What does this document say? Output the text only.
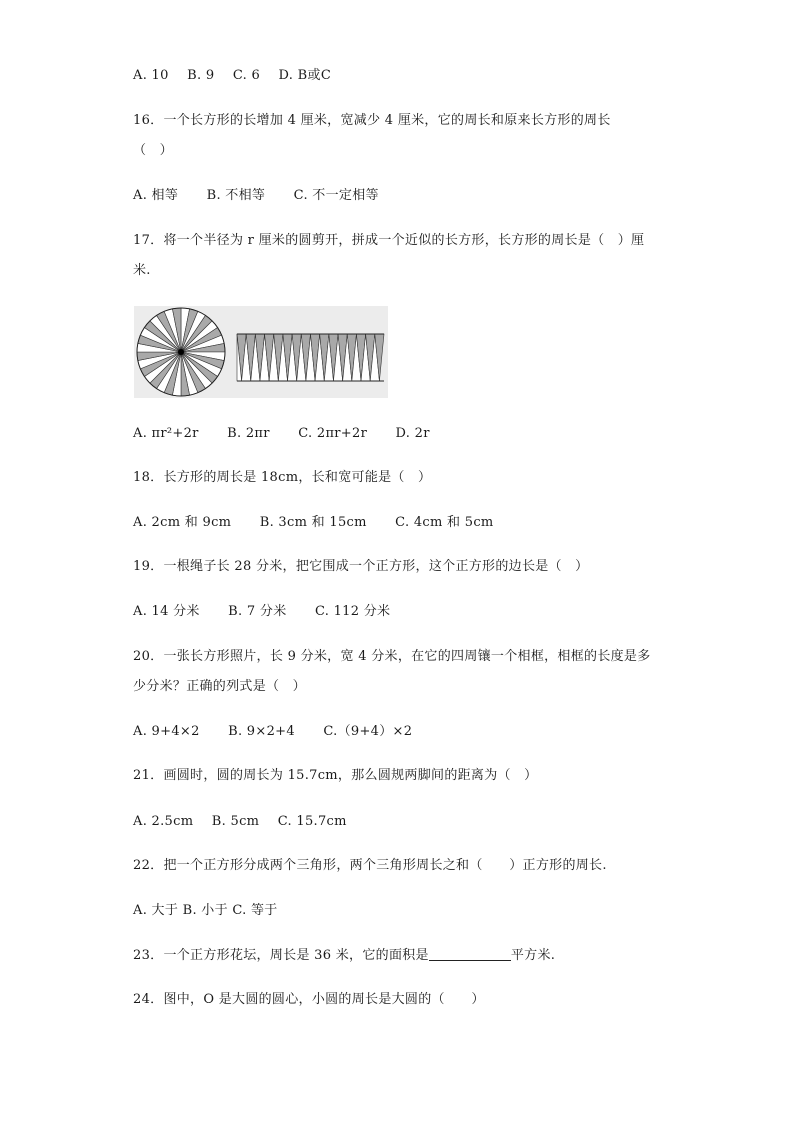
A. 10 B. 9 C. 6 D. B或C
16．一个长方形的长增加 4 厘米，宽减少 4 厘米，它的周长和原来长方形的周长
（　）
A. 相等 B. 不相等 C. 不一定相等
17．将一个半径为 r 厘米的圆剪开，拼成一个近似的长方形，长方形的周长是（　）厘
米.
A. πr²+2r B. 2πr C. 2πr+2r D. 2r
18．长方形的周长是 18cm，长和宽可能是（　）
A. 2cm 和 9cm B. 3cm 和 15cm C. 4cm 和 5cm
19．一根绳子长 28 分米，把它围成一个正方形，这个正方形的边长是（　）
A. 14 分米 B. 7 分米 C. 112 分米
20．一张长方形照片，长 9 分米，宽 4 分米，在它的四周镶一个相框，相框的长度是多
少分米？正确的列式是（　）
A. 9+4×2 B. 9×2+4 C.（9+4）×2
21．画圆时，圆的周长为 15.7cm，那么圆规两脚间的距离为（　）
A. 2.5cm B. 5cm C. 15.7cm
22．把一个正方形分成两个三角形，两个三角形周长之和（　　）正方形的周长.
A. 大于 B. 小于 C. 等于
23．一个正方形花坛，周长是 36 米，它的面积是	平方米.
24．图中，O 是大圆的圆心，小圆的周长是大圆的（　　）
